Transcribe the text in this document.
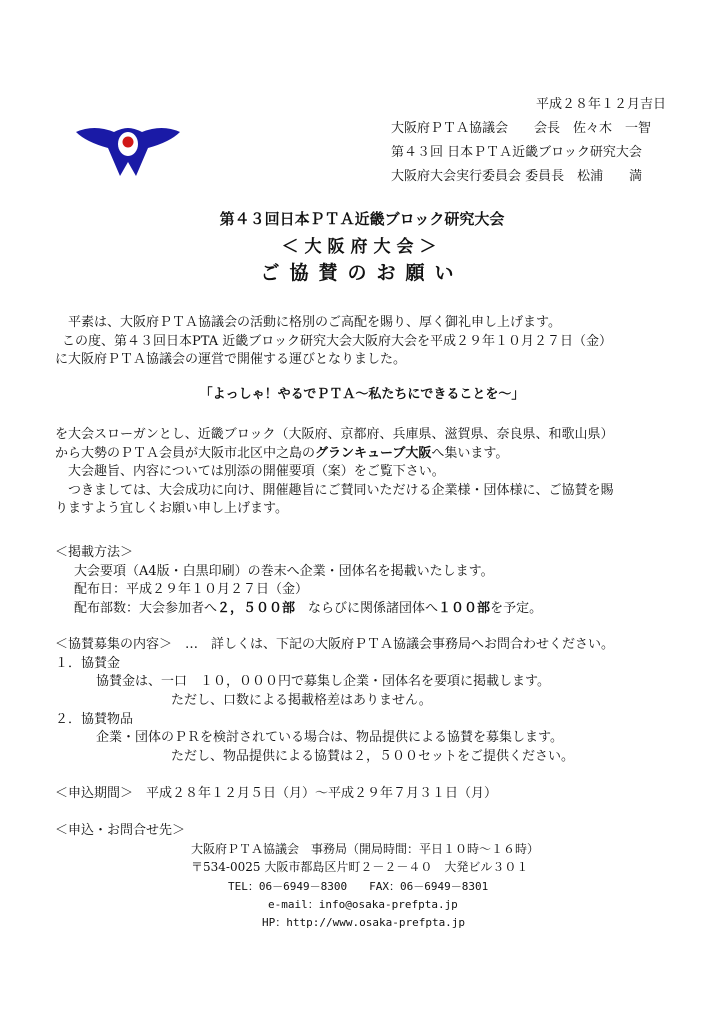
平成２８年１２月吉日
大阪府ＰＴＡ協議会　　会長　佐々木　一智
第４３回 日本ＰＴＡ近畿ブロック研究大会
大阪府大会実行委員会 委員長　松浦　　満
第４３回日本ＰＴＡ近畿ブロック研究大会
＜大阪府大会＞
ご協賛のお願い
平素は、大阪府ＰＴＡ協議会の活動に格別のご高配を賜り、厚く御礼申し上げます。
この度、第４３回日本PTA 近畿ブロック研究大会大阪府大会を平成２９年１０月２７日（金）
に大阪府ＰＴＡ協議会の運営で開催する運びとなりました。
「よっしゃ！やるでＰＴＡ～私たちにできることを～」
を大会スローガンとし、近畿ブロック（大阪府、京都府、兵庫県、滋賀県、奈良県、和歌山県）
から大勢のＰＴＡ会員が大阪市北区中之島のグランキューブ大阪へ集います。
大会趣旨、内容については別添の開催要項（案）をご覧下さい。
つきましては、大会成功に向け、開催趣旨にご賛同いただける企業様・団体様に、ご協賛を賜
りますよう宜しくお願い申し上げます。
＜掲載方法＞
大会要項（A4版・白黒印刷）の巻末へ企業・団体名を掲載いたします。
配布日：平成２９年１０月２７日（金）
配布部数：大会参加者へ２，５００部　ならびに関係諸団体へ１００部を予定。
＜協賛募集の内容＞　…　詳しくは、下記の大阪府ＰＴＡ協議会事務局へお問合わせください。
１．協賛金
協賛金は、一口　１０，０００円で募集し企業・団体名を要項に掲載します。
ただし、口数による掲載格差はありません。
２．協賛物品
企業・団体のＰＲを検討されている場合は、物品提供による協賛を募集します。
ただし、物品提供による協賛は２，５００セットをご提供ください。
＜申込期間＞　平成２８年１２月５日（月）～平成２９年７月３１日（月）
＜申込・お問合せ先＞
大阪府ＰＴＡ協議会　事務局（開局時間：平日１０時～１６時）
〒534-0025 大阪市都島区片町２－２－４０　大発ビル３０１
TEL：06－6949－8300　　FAX：06－6949－8301
e-mail：info@osaka-prefpta.jp
HP：http://www.osaka-prefpta.jp
